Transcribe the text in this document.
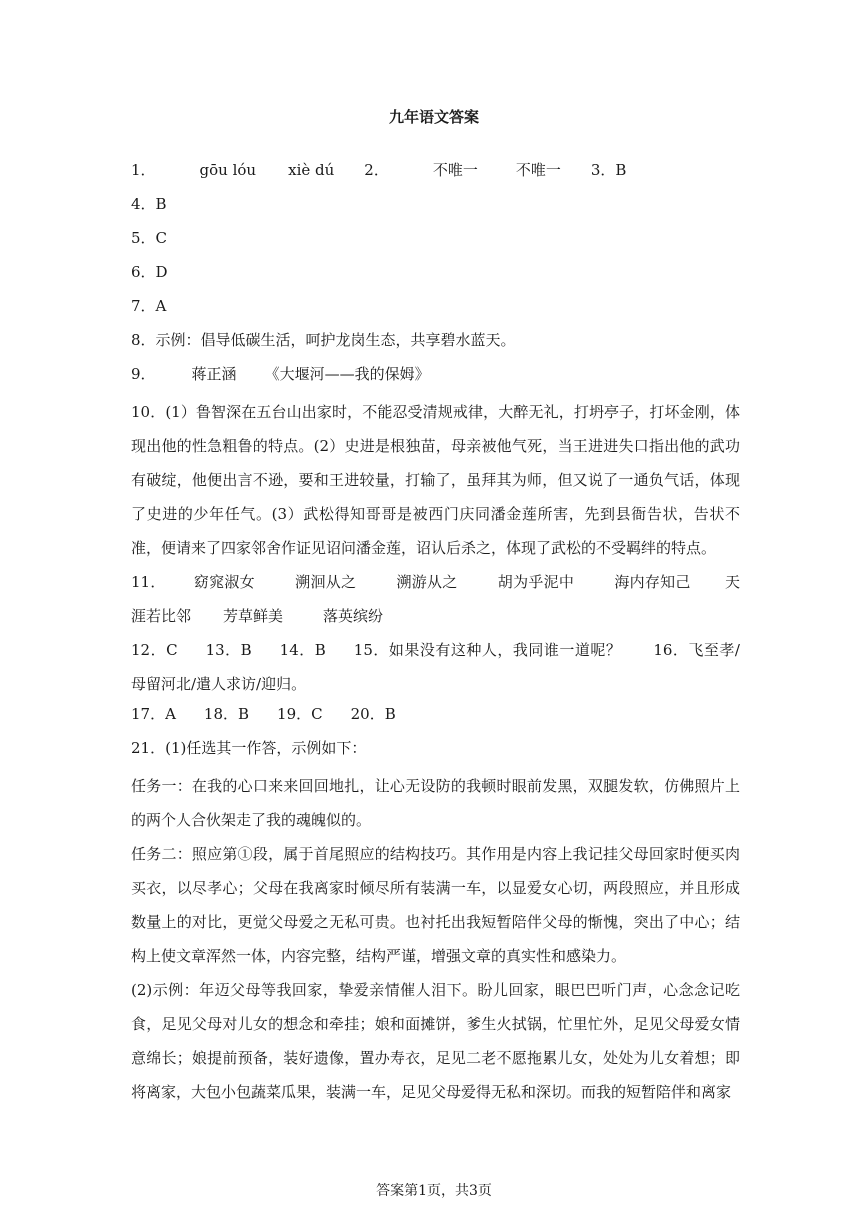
九年语文答案
1．	gōu lóu xiè dú 2．	不唯一	不唯一 3．B
4．B
5．C
6．D
7．A
8．示例：倡导低碳生活，呵护龙岗生态，共享碧水蓝天。
9． 蒋正涵 《大堰河——我的保姆》

10．(1）鲁智深在五台山出家时，不能忍受清规戒律，大醉无礼，打坍亭子，打坏金刚，体现出他的性急粗鲁的特点。(2）史进是根独苗，母亲被他气死，当王进进失口指出他的武功有破绽，他便出言不逊，要和王进较量，打输了，虽拜其为师，但又说了一通负气话，体现了史进的少年任气。(3）武松得知哥哥是被西门庆同潘金莲所害，先到县衙告状，告状不准，便请来了四家邻舍作证见诏问潘金莲，诏认后杀之，体现了武松的不受羁绊的特点。

11． 窈窕淑女	溯洄从之	溯游从之	胡为乎泥中	海内存知己 天涯若比邻 芳草鲜美	落英缤纷
12．C 13．B 14．B 15．如果没有这种人，我同谁一道呢？ 16．飞至孝/母留河北/遣人求访/迎归。
17．A 18．B 19．C 20．B
21．(1)任选其一作答，示例如下：

任务一：在我的心口来来回回地扎，让心无设防的我顿时眼前发黑，双腿发软，仿佛照片上的两个人合伙架走了我的魂魄似的。

任务二：照应第①段，属于首尾照应的结构技巧。其作用是内容上我记挂父母回家时便买肉买衣，以尽孝心；父母在我离家时倾尽所有装满一车，以显爱女心切，两段照应，并且形成数量上的对比，更觉父母爱之无私可贵。也衬托出我短暂陪伴父母的惭愧，突出了中心；结构上使文章浑然一体，内容完整，结构严谨，增强文章的真实性和感染力。

(2)示例：年迈父母等我回家，挚爱亲情催人泪下。盼儿回家，眼巴巴听门声，心念念记吃食，足见父母对儿女的想念和牵挂；娘和面摊饼，爹生火拭锅，忙里忙外，足见父母爱女情意绵长；娘提前预备，装好遗像，置办寿衣，足见二老不愿拖累儿女，处处为儿女着想；即将离家，大包小包蔬菜瓜果，装满一车，足见父母爱得无私和深切。而我的短暂陪伴和离家

答案第1页，共3页
